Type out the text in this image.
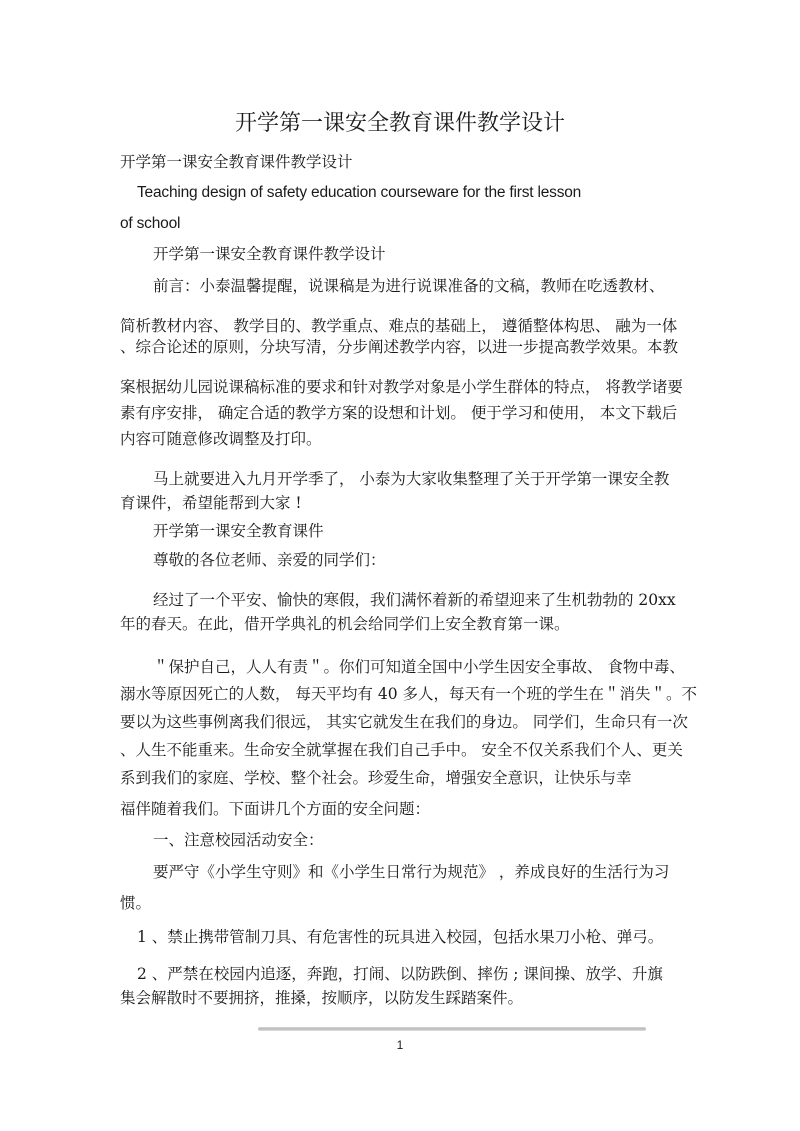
开学第一课安全教育课件教学设计
开学第一课安全教育课件教学设计
Teaching design of safety education courseware for the first lesson
of school
开学第一课安全教育课件教学设计
前言：小泰温馨提醒，说课稿是为进行说课准备的文稿，教师在吃透教材、
简析教材内容、 教学目的、教学重点、难点的基础上， 遵循整体构思、 融为一体
、综合论述的原则，分块写清，分步阐述教学内容，以进一步提高教学效果。本教
案根据幼儿园说课稿标准的要求和针对教学对象是小学生群体的特点， 将教学诸要
素有序安排， 确定合适的教学方案的设想和计划。 便于学习和使用， 本文下载后
内容可随意修改调整及打印。
马上就要进入九月开学季了， 小泰为大家收集整理了关于开学第一课安全教
育课件，希望能帮到大家 !
开学第一课安全教育课件
尊敬的各位老师、亲爱的同学们：
经过了一个平安、愉快的寒假，我们满怀着新的希望迎来了生机勃勃的 20xx
年的春天。在此，借开学典礼的机会给同学们上安全教育第一课。
＂保护自己，人人有责＂。你们可知道全国中小学生因安全事故、 食物中毒、
溺水等原因死亡的人数， 每天平均有 40 多人，每天有一个班的学生在＂消失＂。不
要以为这些事例离我们很远， 其实它就发生在我们的身边。 同学们，生命只有一次
、人生不能重来。生命安全就掌握在我们自己手中。 安全不仅关系我们个人、更关
系到我们的家庭、学校、整个社会。珍爱生命，增强安全意识，让快乐与幸
福伴随着我们。下面讲几个方面的安全问题：
一、注意校园活动安全：
要严守《小学生守则》和《小学生日常行为规范》 ，养成良好的生活行为习
惯。
1 、禁止携带管制刀具、有危害性的玩具进入校园，包括水果刀小枪、弹弓。
2 、严禁在校园内追逐，奔跑，打闹、以防跌倒、摔伤 ; 课间操、放学、升旗
集会解散时不要拥挤，推搡，按顺序，以防发生踩踏案件。
1
